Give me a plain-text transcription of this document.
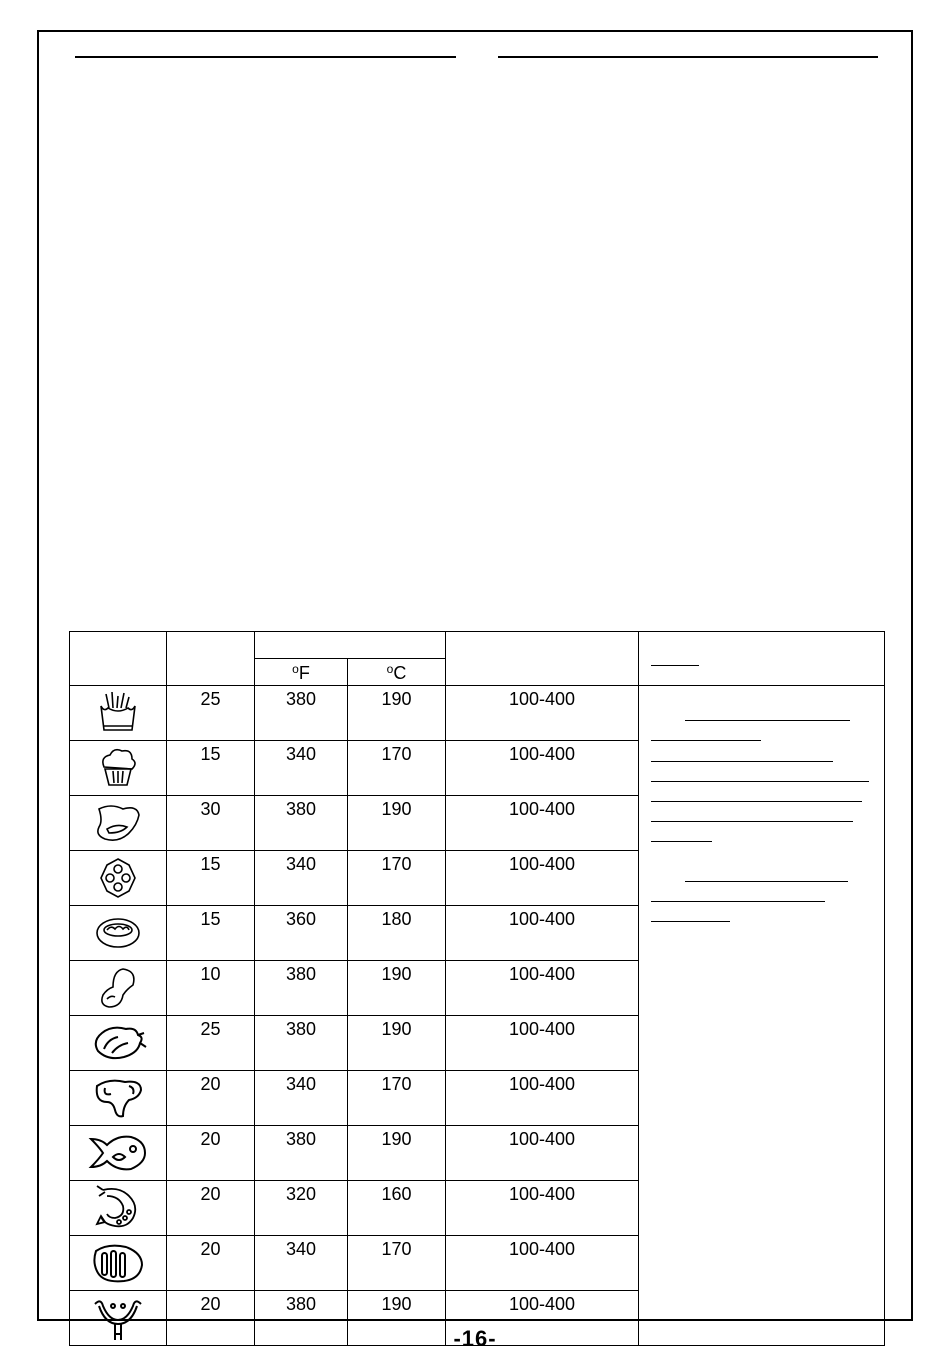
		$^o$F	$^o$C		

	25	380	190	100-400	

	15	340	170	100-400	

	30	380	190	100-400	

	15	340	170	100-400	

	15	360	180	100-400	

	10	380	190	100-400	

	25	380	190	100-400	

	20	340	170	100-400	

	20	380	190	100-400	

	20	320	160	100-400	

	20	340	170	100-400	

	20	380	190	100-400	
-16-
